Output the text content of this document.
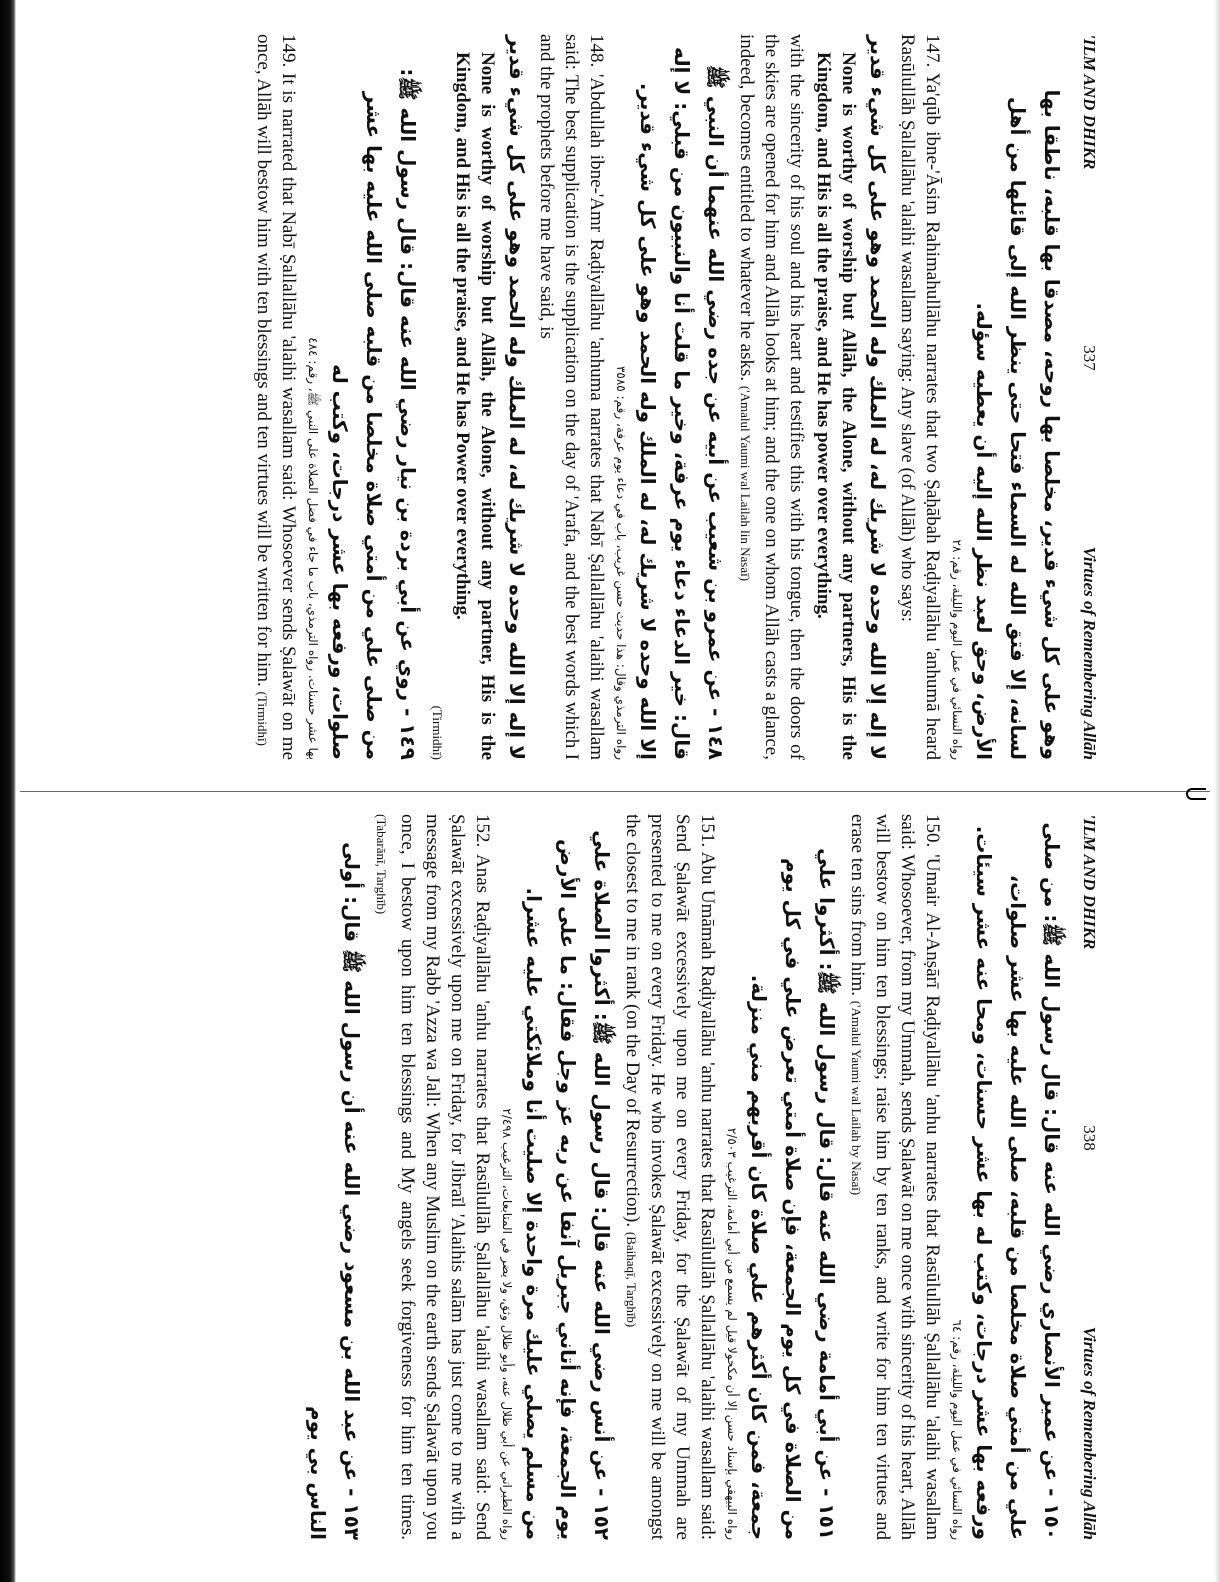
'ILM AND DHIKR
337
Virtues of Remembering Allāh
وهو على كل شيء قدير، مخلصا بها روحه، مصدقا بها قلبه، ناطقا بها لسانه، إلا فتق الله له السماء فتحا حتى ينظر الله إلى قائلها من أهل الأرض، وحق لعبد نظر الله إليه أن يعطيه سؤله.
رواه النسائي في عمل اليوم والليلة، رقم: ٢٨

147. Ya'qūb ibne-'Āsim Rahimahullāhu narrates that two Ṣaḥābah Raḍiyallāhu 'anhumā heard Rasūlullāh Ṣallallāhu 'alaihi wasallam saying: Any slave (of Allāh) who says:

لا إله إلا الله وحده لا شريك له، له الملك وله الحمد وهو على كل شيء قدير

None is worthy of worship but Allāh, the Alone, without any partners, His is the Kingdom, and His is all the praise, and He has power over everything.

with the sincerity of his soul and his heart and testifies this with his tongue, then the doors of the skies are opened for him and Allāh looks at him; and the one on whom Allāh casts a glance, indeed, becomes entitled to whatever he asks. ('Amalul Yaumi wal Lailah lin Nasaī)

١٤٨ - عن عمرو بن شعيب عن أبيه عن جده رضي الله عنهما أن النبي ﷺ قال: خير الدعاء دعاء يوم عرفة، وخير ما قلت أنا والنبيون من قبلي: لا إله إلا الله وحده لا شريك له، له الملك وله الحمد وهو على كل شيء قدير.
رواه الترمذي وقال: هذا حديث حسن غريب، باب في دعاء يوم عرفة، رقم: ٣٥٨٥

148. 'Abdullah ibne-'Amr Raḍiyallāhu 'anhuma narrates that Nabī Ṣallallāhu 'alaihi wasallam said: The best supplication is the supplication on the day of 'Arafa, and the best words which I and the prophets before me have said, is

لا إله إلا الله وحده لا شريك له، له الملك وله الحمد وهو على كل شيء قدير

None is worthy of worship but Allāh, the Alone, without any partner, His is the Kingdom, and His is all the praise, and He has Power over everything.

(Tirmidhī)
١٤٩ - روي عن أبي بردة بن نيار رضي الله عنه قال: قال رسول الله ﷺ: من صلى علي من أمتي صلاة مخلصا من قلبه صلى الله عليه بها عشر صلوات، ورفعه بها عشر درجات، وكتب له
بها عشر حسنات. رواه الترمذي، باب ما جاء في فضل الصلاة على النبي ﷺ، رقم: ٤٨٤

149. It is narrated that Nabī Ṣallallāhu 'alaihi wasallam said: Whosoever sends Ṣalawāt on me once, Allāh will bestow him with ten blessings and ten virtues will be written for him. (Tirmidhī)

'ILM AND DHIKR
338
Virtues of Remembering Allāh
١٥٠ - عن عمير الأنصاري رضي الله عنه قال: قال رسول الله ﷺ: من صلى علي من أمتي صلاة مخلصا من قلبه، صلى الله عليه بها عشر صلوات، ورفعه بها عشر درجات، وكتب له بها عشر حسنات، ومحا عنه عشر سيئات.
رواه النسائي في عمل اليوم والليلة، رقم: ٦٤

150. 'Umair Al-Anṣārī Raḍiyallāhu 'anhu narrates that Rasūlullāh Ṣallallāhu 'alaihi wasallam said: Whosoever, from my Ummah, sends Ṣalawāt on me once with sincerity of his heart, Allāh will bestow on him ten blessings; raise him by ten ranks, and write for him ten virtues and erase ten sins from him. ('Amalul Yaumi wal Lailah by Nasaī)

١٥١ - عن أبي أمامة رضي الله عنه قال: قال رسول الله ﷺ: أكثروا علي من الصلاة في كل يوم الجمعة، فإن صلاة أمتي تعرض علي في كل يوم جمعة، فمن كان أكثرهم علي صلاة كان أقربهم مني منزلة.
رواه البيهقي بإسناد حسن إلا أن مكحولا قيل لم يسمع من أبي أمامة، الترغيب ٢/٥٠٣

151. Abu Umāmah Raḍiyallāhu 'anhu narrates that Rasūlullāh Ṣallallāhu 'alaihi wasallam said: Send Ṣalawāt excessively upon me on every Friday, for the Ṣalawāt of my Ummah are presented to me on every Friday. He who invokes Ṣalawāt excessively on me will be amongst the closest to me in rank (on the Day of Resurrection). (Baihaqī, Targhīb)

١٥٢ - عن أنس رضي الله عنه قال: قال رسول الله ﷺ: أكثروا الصلاة علي يوم الجمعة، فإنه أتاني جبريل آنفا عن ربه عز وجل فقال: ما على الأرض من مسلم يصلي عليك مرة واحدة إلا صليت أنا وملائكتي عليه عشرا.
رواه الطبراني عن أبي ظلال عنه، وأبو ظلال وثق، ولا يضر في المتابعات، الترغيب ٢/٤٩٨

152. Anas Raḍiyallāhu 'anhu narrates that Rasūlullāh Ṣallallāhu 'alaihi wasallam said: Send Ṣalawāt excessively upon me on Friday, for Jibraīl 'Alaihis salām has just come to me with a message from my Rabb 'Azza wa Jall: When any Muslim on the earth sends Ṣalawāt upon you once, I bestow upon him ten blessings and My angels seek forgiveness for him ten times. (Tabarānī, Targhīb)

١٥٣ - عن عبد الله بن مسعود رضي الله عنه أن رسول الله ﷺ قال: أولى الناس بي يوم
